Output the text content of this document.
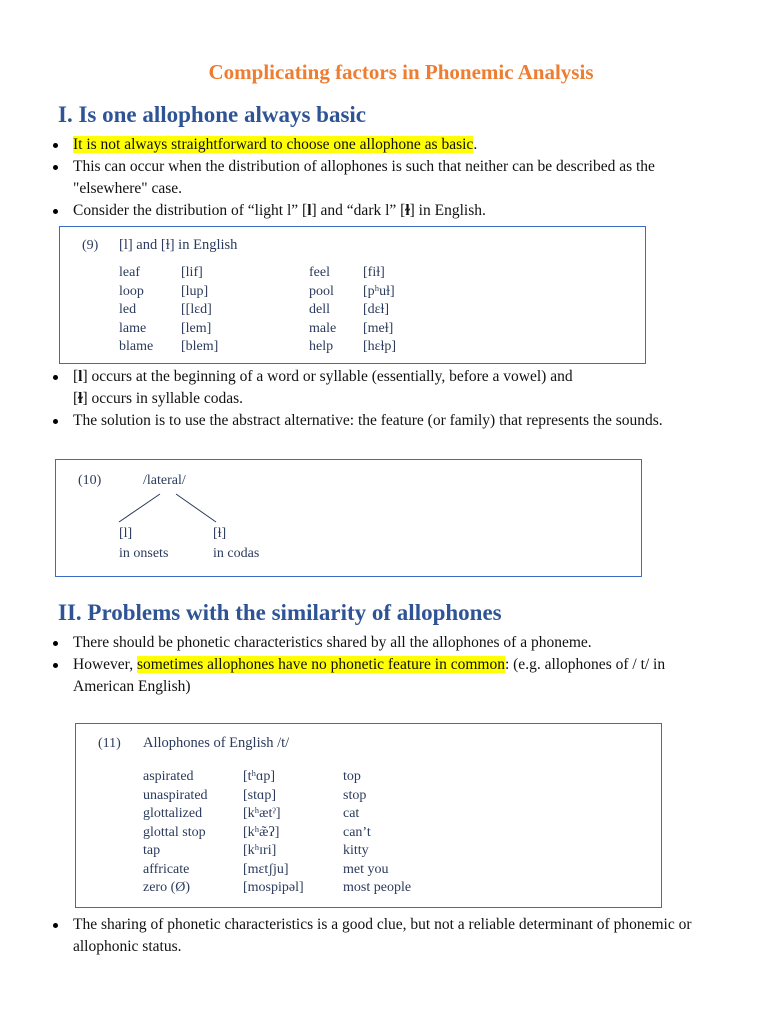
Complicating factors in Phonemic Analysis
I. Is one allophone always basic
It is not always straightforward to choose one allophone as basic.
This can occur when the distribution of allophones is such that neither can be described as the "elsewhere" case.
Consider the distribution of “light l” [l] and “dark l” [ɫ] in English.
(9) [l] and [ɫ] in English
leaf
loop
led
lame
blame
[lif]
[lup]
[[lɛd]
[lem]
[blem]
feel
pool
dell
male
help
[fiɫ]
[pʰuɫ]
[dɛɫ]
[meɫ]
[hɛɫp]
[l] occurs at the beginning of a word or syllable (essentially, before a vowel) and
[ɫ] occurs in syllable codas.
The solution is to use the abstract alternative: the feature (or family) that represents the sounds.
(10)	/lateral/
[l]
in onsets
[ɫ]
in codas
II. Problems with the similarity of allophones
There should be phonetic characteristics shared by all the allophones of a phoneme.
However, sometimes allophones have no phonetic feature in common: (e.g. allophones of / t/ in American English)
(11) Allophones of English /t/
aspirated
unaspirated
glottalized
glottal stop
tap
affricate
zero (Ø)
[tʰɑp]
[stɑp]
[kʰætˀ]
[kʰæ̃ʔ]
[kʰɪri]
[mɛtʃju]
[mospipəl]
top
stop
cat
can’t
kitty
met you
most people
The sharing of phonetic characteristics is a good clue, but not a reliable determinant of phonemic or allophonic status.
